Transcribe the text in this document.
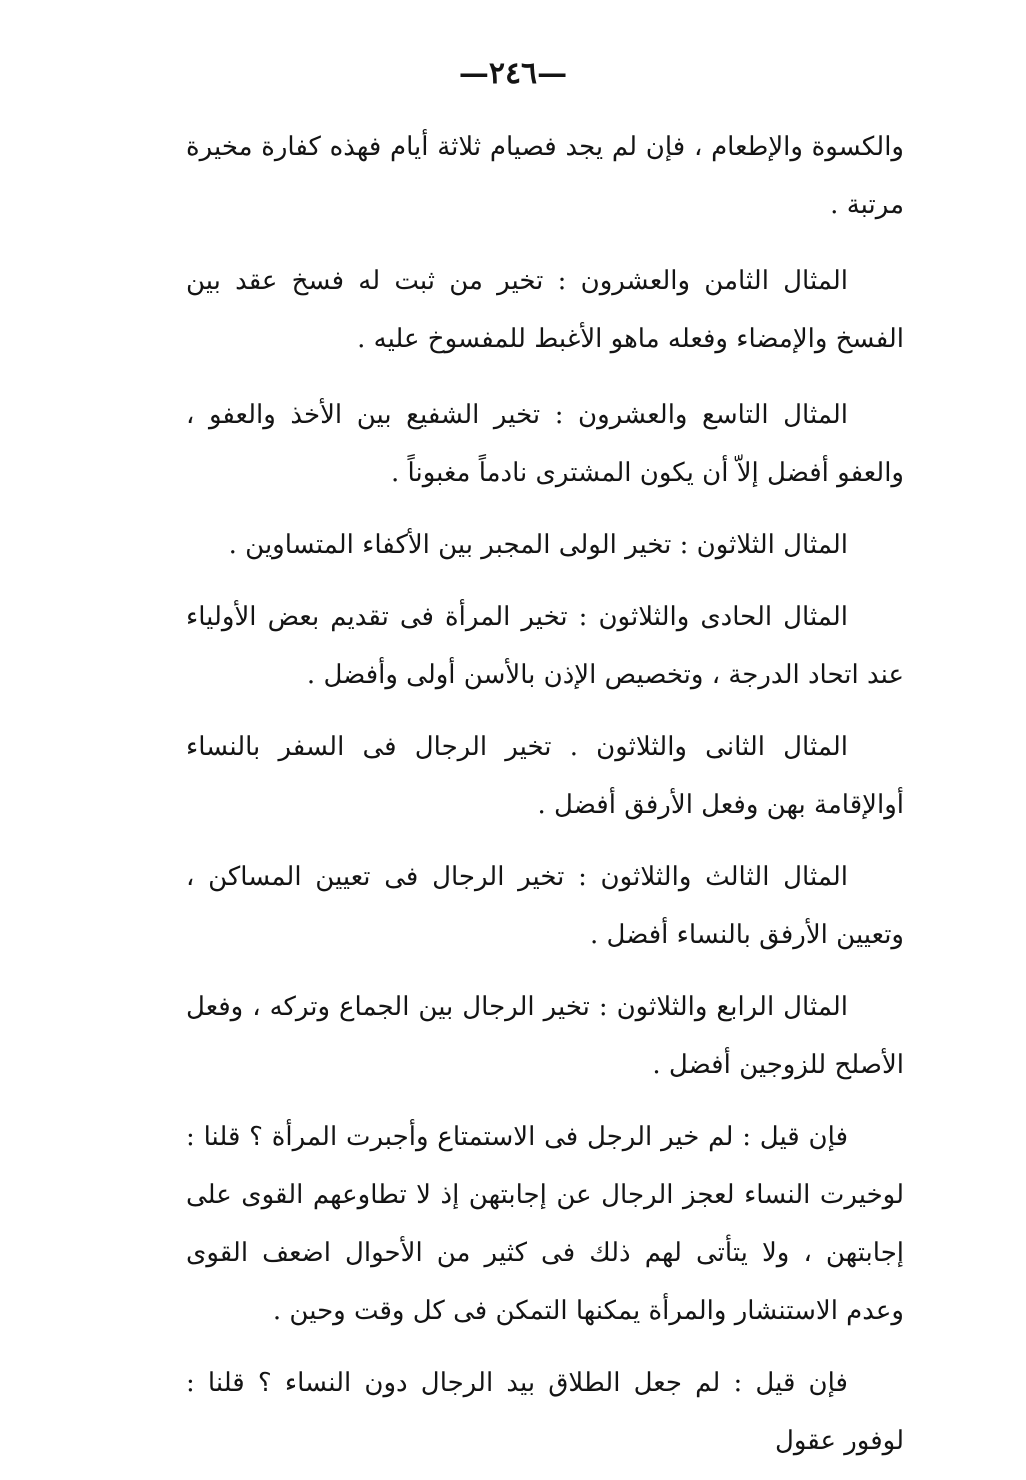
—٢٤٦—

والكسوة والإطعام ، فإن لم يجد فصيام ثلاثة أيام فهذه كفارة مخيرة مرتبة .

المثال الثامن والعشرون : تخير من ثبت له فسخ عقد بين الفسخ والإمضاء وفعله ماهو الأغبط للمفسوخ عليه .

المثال التاسع والعشرون : تخير الشفيع بين الأخذ والعفو ، والعفو أفضل إلاّ أن يكون المشترى نادماً مغبوناً .

المثال الثلاثون : تخير الولى المجبر بين الأكفاء المتساوين .

المثال الحادى والثلاثون : تخير المرأة فى تقديم بعض الأولياء عند اتحاد الدرجة ، وتخصيص الإذن بالأسن أولى وأفضل .

المثال الثانى والثلاثون . تخير الرجال فى السفر بالنساء أوالإقامة بهن وفعل الأرفق أفضل .

المثال الثالث والثلاثون : تخير الرجال فى تعيين المساكن ، وتعيين الأرفق بالنساء أفضل .

المثال الرابع والثلاثون : تخير الرجال بين الجماع وتركه ، وفعل الأصلح للزوجين أفضل .

فإن قيل : لم خير الرجل فى الاستمتاع وأجبرت المرأة ؟ قلنا : لوخيرت النساء لعجز الرجال عن إجابتهن إذ لا تطاوعهم القوى على إجابتهن ، ولا يتأتى لهم ذلك فى كثير من الأحوال اضعف القوى وعدم الاستنشار والمرأة يمكنها التمكن فى كل وقت وحين .

فإن قيل : لم جعل الطلاق بيد الرجال دون النساء ؟ قلنا : لوفور عقول
